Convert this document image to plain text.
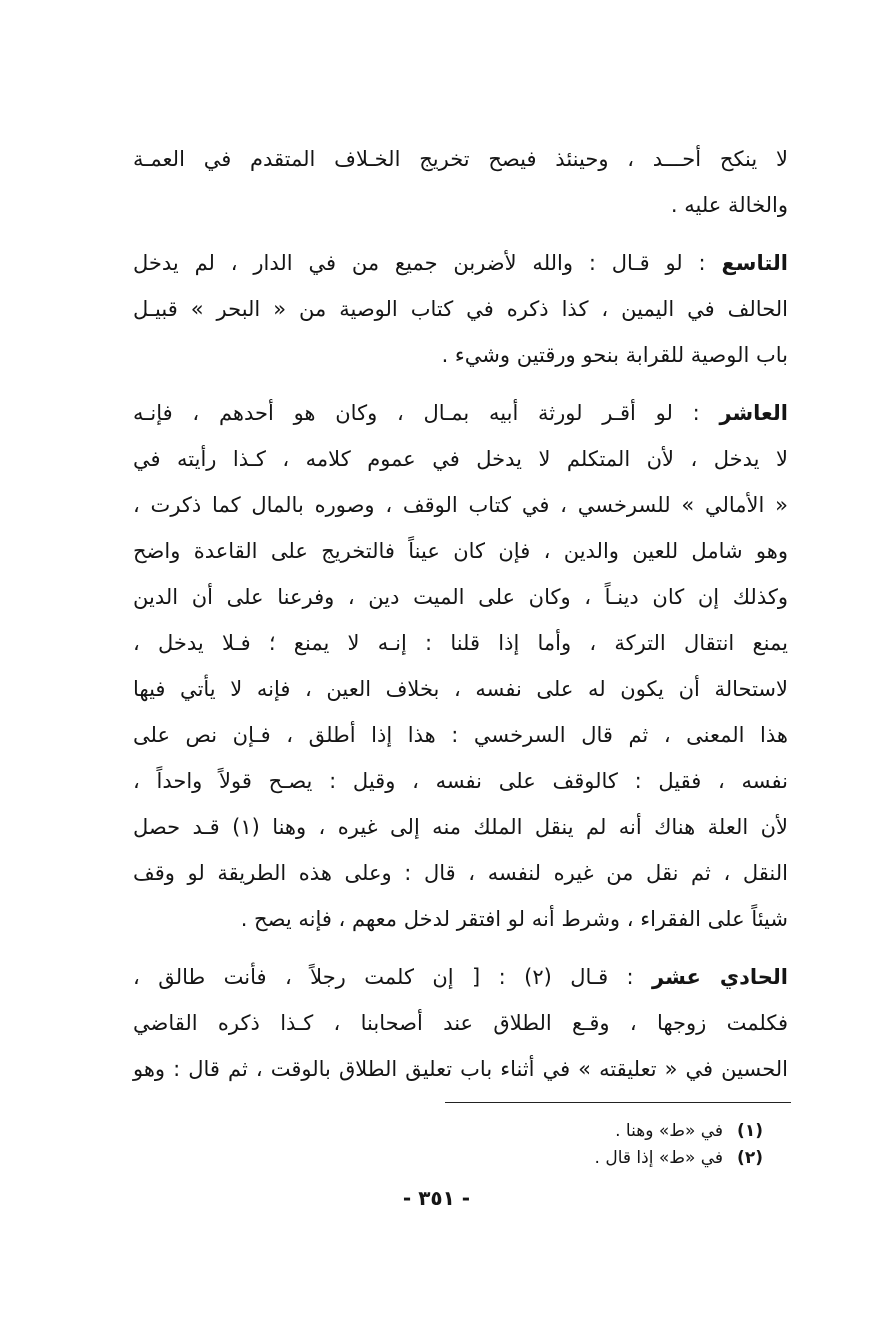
لا ينكح أحـــد ، وحينئذ فيصح تخريج الخـلاف المتقدم في العمـة
والخالة عليه .
التاسع : لو قـال : والله لأضربن جميع من في الدار ، لم يدخل
الحالف في اليمين ، كذا ذكره في كتاب الوصية من « البحر » قبيـل
باب الوصية للقرابة بنحو ورقتين وشيء .
العاشر : لو أقـر لورثة أبيه بمـال ، وكان هو أحدهم ، فإنـه
لا يدخل ، لأن المتكلم لا يدخل في عموم كلامه ، كـذا رأيته في
« الأمالي » للسرخسي ، في كتاب الوقف ، وصوره بالمال كما ذكرت ،
وهو شامل للعين والدين ، فإن كان عيناً فالتخريج على القاعدة واضح
وكذلك إن كان دينـاً ، وكان على الميت دين ، وفرعنا على أن الدين
يمنع انتقال التركة ، وأما إذا قلنا : إنـه لا يمنع ؛ فـلا يدخل ،
لاستحالة أن يكون له على نفسه ، بخلاف العين ، فإنه لا يأتي فيها
هذا المعنى ، ثم قال السرخسي : هذا إذا أطلق ، فـإن نص على
نفسه ، فقيل : كالوقف على نفسه ، وقيل : يصـح قولاً واحداً ،
لأن العلة هناك أنه لم ينقل الملك منه إلى غيره ، وهنا (١) قـد حصل
النقل ، ثم نقل من غيره لنفسه ، قال : وعلى هذه الطريقة لو وقف
شيئاً على الفقراء ، وشرط أنه لو افتقر لدخل معهم ، فإنه يصح .
الحادي عشر : قـال (٢) : [ إن كلمت رجلاً ، فأنت طالق ،
فكلمت زوجها ، وقـع الطلاق عند أصحابنا ، كـذا ذكره القاضي
الحسين في « تعليقته » في أثناء باب تعليق الطلاق بالوقت ، ثم قال : وهو
(١)في «ط» وهنا .
(٢)في «ط» إذا قال .
- ٣٥١ -
